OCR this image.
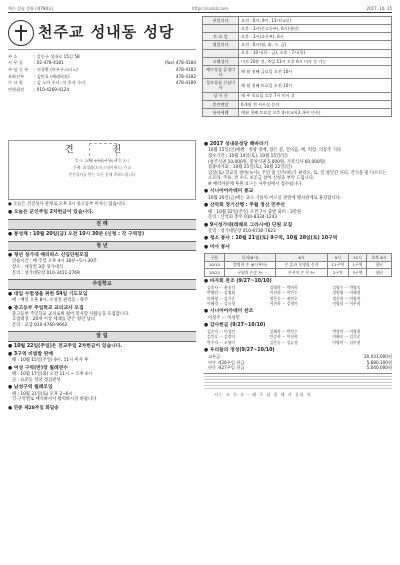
예수 성심 성월 (제784호)	https://sndsd.com	2017. 10. 15
천주교 성내동 성당
주 소	: 강동구 성내로 15길 58
사 무 실	: 02-478-4181	(fax) 478-4184
주 임 신 부	: 서경환 (아우구스티노)	478-4183
보좌신부	: 김민호 (베네딕토)	478-4182
수 녀 원	: 김 노아 수녀, 이 후자 수녀	478-4189
연령회장	: 010-4269-4124
주일미사	오전 : 6시, 9시, 11시(교중)
	오후 : 3시(중고등부), 6시(청년)
토 요 일	오후 : 3시(초등부), 6시
평일미사	오전 : 6시(월, 화, 수, 금)
	오후 : 10시(목 · 금), 오후 : 7시(목)
고해성사	미사 20분 전, 주일 11시 오후 6시 미사 중 가능
예수성심 공경미사	매 월 첫째 금요일 오전 10시
성모성심 신심미사	매 월 첫째 토요일 오전 10시
성 시 간	매 주 목요일 오후 7시 미사 후
혼인면담	6개월 전 사무실 문의
유아세례	매월 첫째 토요일 오후 4시(교육2, 9시 미사)
견 진
일시: 10월 15일(주일) 오후 3시
주례: 최창화(토마스데아퀴노) 주교
견진성사를 받는 모든 분께 축하드립니다
● 오늘은 견진성사 관계로 오후 3시 중고등부 미사는 없습니다.
● 오늘은 군인주일 2차헌금이 있습니다.
전 례
● 봉성체 : 10월 20일(금) 오전 10시 30분 (신청 : 각 구역장)
청 년
● 청년 성가대 베리따스 신입단원모집
연습시간 : 매 주일 오후 4시 30분~5시 30분
장소 : 새성전 3층 성가대석
문의 : 성가대단장 010-3411-2769
주일학교
● 대입 수험생을 위한 54일 기도모임
매 : 매일 오후 8시, 소성전 관리동 : 목주
● 중고등부 주일학교 교리교사 모집
중고등부 주일학교 교사로써 젊어 봉사할 사람들을 모집합니다.
모집대상 : 20세 이상 세례를 받은 청년 남녀
문의 : 교감 010-4760-9662
알 림
● 10월 22일(주일)은 전교주일 2차헌금이 있습니다.
● 3구역 비빔밥 판매
때 : 10월 15일(주일) 9시, 11시 미사 후
● 여성 구역(반)장 월례연수
때 : 10월 17일(화) 오전 11시 ~ 오후 4시
곳 : 표준동 성당 청심관성
● 남성구역 월례모임
때 : 10월 21일(토) 오후 2~6시
각 구역별로 배석하셔서 활력하시길 바랍니다
● 연중 제28주일 화답송
● 2017 성내동성당 해바라기
10월 15일(일)배렌 : 영광 경배, 향은 꽃, 간이음, 배, 떡장, 의롱주 기타
접수기간 : 10월 14일(토), 10월 15일(일)
(청주식권 10,000원, 중앙식권 5,000원, 가족식사 60,000원)
접종바자회 : 10월 21일(토), 10월 22일(일)
김장(토) 학교의 창비(녹사), 주연 및 인주(하)가 필리오, 토, 일 양일간 커피, 간식을 및 다르르는 소모라. 주류, 빈 수도 보조금 참여 신청을 부탁 드립니다.
※ 예약자분께 후원 표구는 사무실에서 접수됩니다.
● 시니어아카데미 종교
10월 20일(금)에는 교구 가톨릭 어르신 관련에 행사관계로 휴강합니다.
● 산악회 정기산행 : 주월 정신 민주산
때 : 10월 22일(주일) 오전 7시 출발 회비 : 3만원
문의 : 산악회 총무 010-8334-1243
● 9시성가대(레떼르 그라시에) 단원 모집
문의 : 성가대단장 010-6730-7623
● 청소 봉사 : 10월 21일(토) 9구역, 10월 28일(토) 10구역
● 미사 봉사
구분	독서(6시)	6시	9시	11시	오후 6시
10/15	정명희 손 (6시부터)	손 훈과 오병철 신자	11구역	1구역	청년
10/22	구원의 손준 Fr.	손서이 손 목 Fr.	2구역	3구역	청년
● 바자회 찬조 (9/27~10/10)
김종사 ··· 윤종석	김명희 ··· 박연희	김영수 ··· 박영숙
박영란 ··· 김영회	이선희 ··· 박인수	정원영 ··· 이혜경
이세영 ··· 김기준	정은숙 ··· 권민호	정순희 ··· 이영아
이혜경 ··· 김유경	이진희 ··· 김정미	이영희 ··· 이은희
● 시니어아카데미 찬조
이성주 ··· 이성민
● 감사헌금 (9/27~10/10)
김순자 ··· 이성민	김해자 ··· 박인수	박정미 ··· 이영희
김민호 ··· 김정미	안승희 ··· 이선희	이혜숙 ··· 김기준
박주자 ··· 오영미	김은숙 ··· 김유경	이영미 ··· 김미정
● 우리들의 정성(9/27~10/10)
교무금	20,031,000원
연중 제26주일 헌금	5,680,100원
연중 제27주일 헌금	5,040,000원
저는 모 든 오 - 래 주 님 집 에 서 살리 리
